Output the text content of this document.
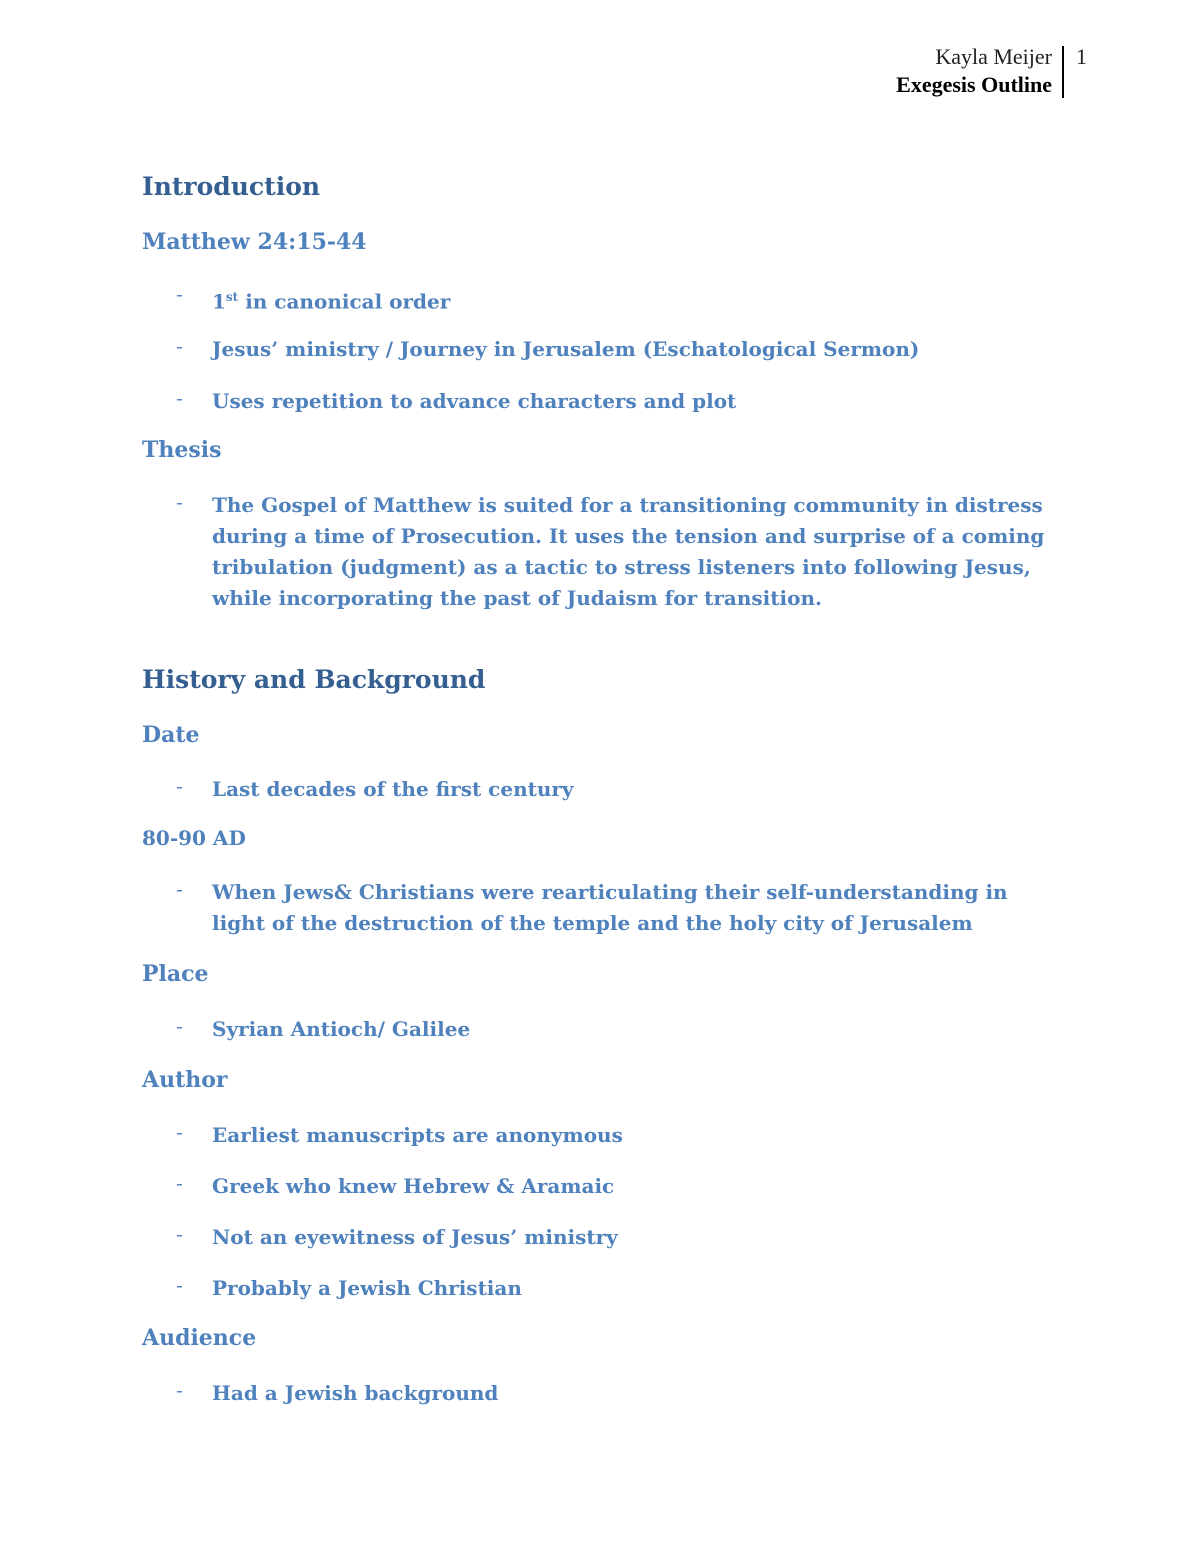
Kayla Meijer
Exegesis Outline
1
Introduction
Matthew 24:15-44
- 1st in canonical order
- Jesus’ ministry / Journey in Jerusalem (Eschatological Sermon)
- Uses repetition to advance characters and plot
Thesis
- The Gospel of Matthew is suited for a transitioning community in distress during a time of Prosecution. It uses the tension and surprise of a coming tribulation (judgment) as a tactic to stress listeners into following Jesus, while incorporating the past of Judaism for transition.
History and Background
Date
- Last decades of the first century
80-90 AD
- When Jews& Christians were rearticulating their self-understanding in light of the destruction of the temple and the holy city of Jerusalem
Place
- Syrian Antioch/ Galilee
Author
- Earliest manuscripts are anonymous
- Greek who knew Hebrew & Aramaic
- Not an eyewitness of Jesus’ ministry
- Probably a Jewish Christian
Audience
- Had a Jewish background
